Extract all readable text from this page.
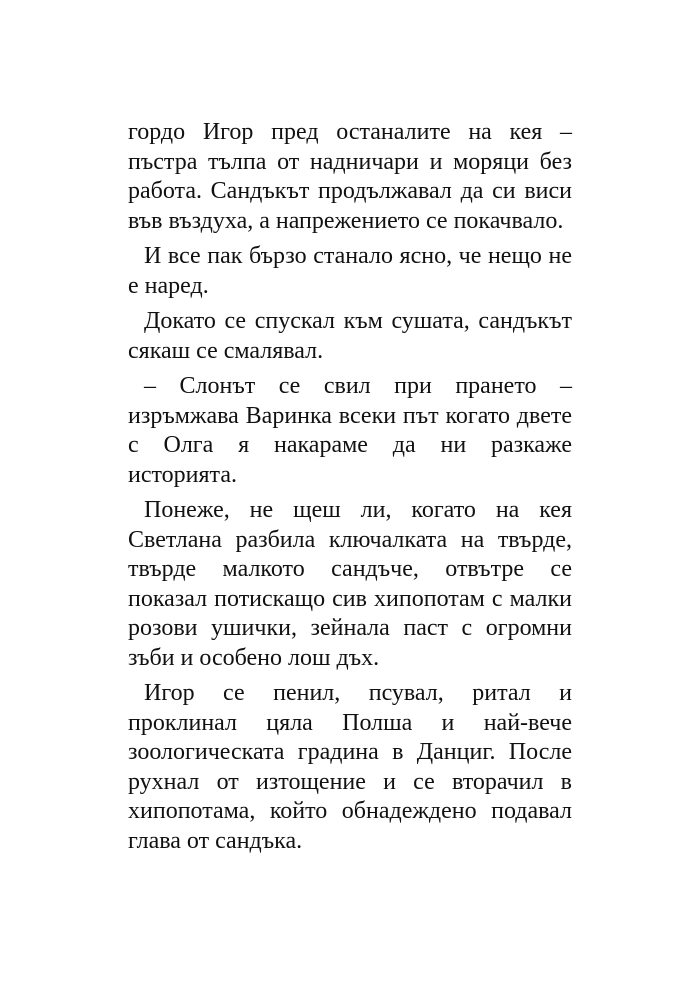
гордо Игор пред останалите на кея – пъстра тълпа от надничари и моряци без работа. Сандъкът продължавал да си виси във въздуха, а напрежението се покачвало.

И все пак бързо станало ясно, че нещо не е наред.

Докато се спускал към сушата, сандъкът сякаш се смалявал.

– Слонът се свил при прането – изръмжава Варинка всеки път когато двете с Олга я накараме да ни разкаже историята.

Понеже, не щеш ли, когато на кея Светлана разбила ключалката на твърде, твърде малкото сандъче, отвътре се показал потискащо сив хипопотам с малки розови ушички, зейнала паст с огромни зъби и особено лош дъх.

Игор се пенил, псувал, ритал и проклинал цяла Полша и най-вече зоологическата градина в Данциг. После рухнал от изтощение и се вторачил в хипопотама, който обнадеждено подавал глава от сандъка.
